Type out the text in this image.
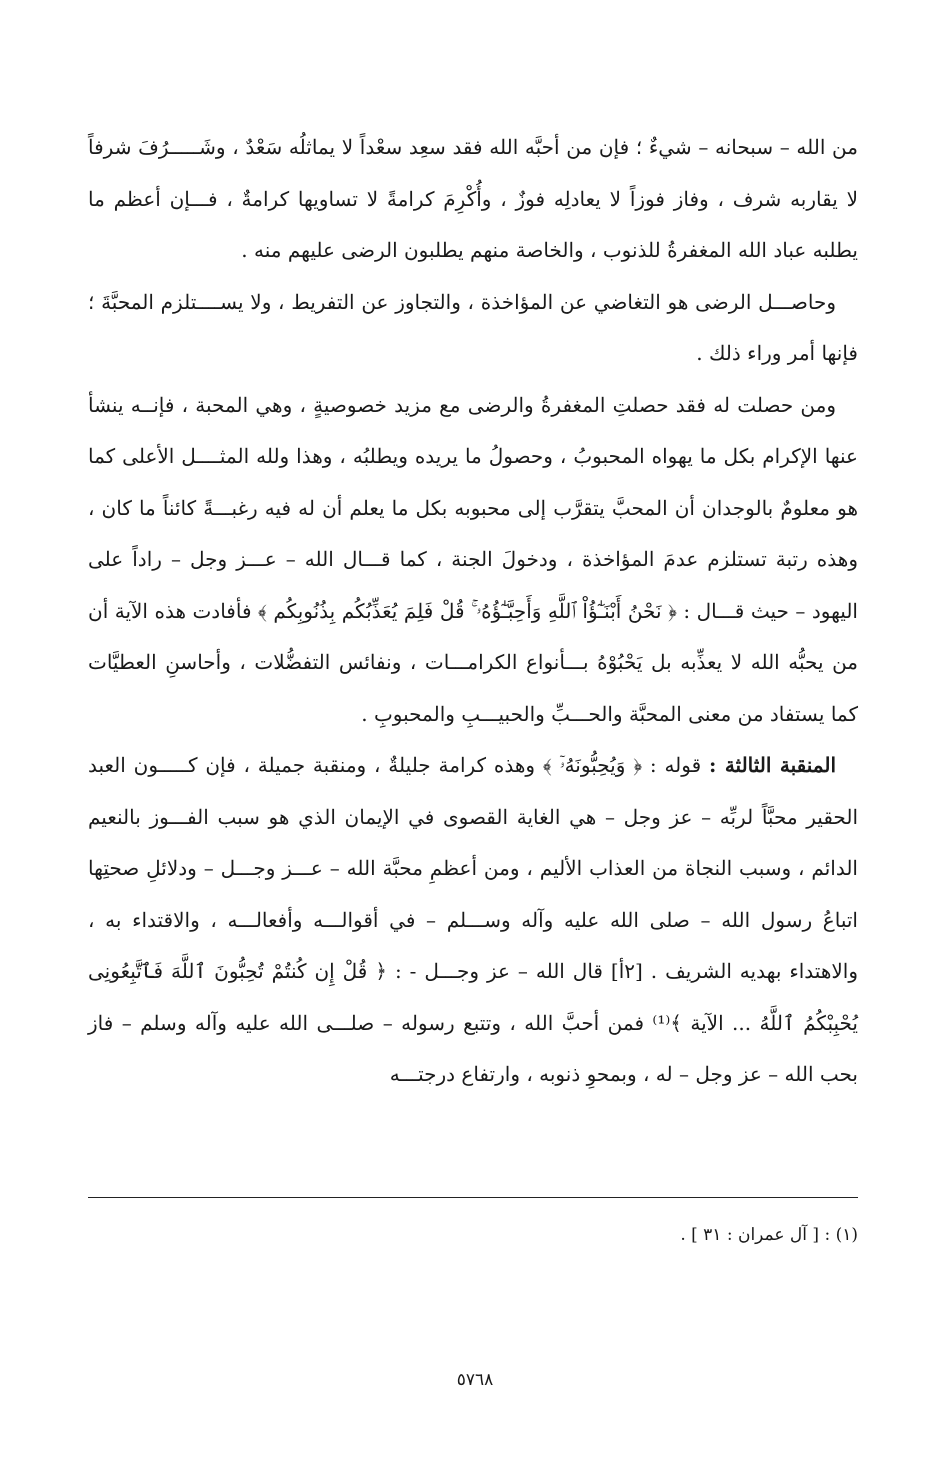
من الله – سبحانه – شيءٌ ؛ فإن من أحبَّه الله فقد سعِد سعْداً لا يماثلُه سَعْدٌ ، وشَـــــرُفَ شرفاً لا يقاربه شرف ، وفاز فوزاً لا يعادلِه فوزٌ ، وأُكْرِمَ كرامةً لا تساويها كرامةٌ ، فـــإن أعظم ما يطلبه عباد الله المغفرةُ للذنوب ، والخاصة منهم يطلبون الرضى عليهم منه .

وحاصـــل الرضى هو التغاضي عن المؤاخذة ، والتجاوز عن التفريط ، ولا يســــتلزم المحبَّةَ ؛ فإنها أمر وراء ذلك .

ومن حصلت له فقد حصلتِ المغفرةُ والرضى مع مزيد خصوصيةٍ ، وهي المحبة ، فإنــه ينشأ عنها الإكرام بكل ما يهواه المحبوبُ ، وحصولُ ما يريده ويطلبُه ، وهذا ولله المثــــل الأعلى كما هو معلومٌ بالوجدان أن المحبَّ يتقرَّب إلى محبوبه بكل ما يعلم أن له فيه رغبـــةً كائناً ما كان ، وهذه رتبة تستلزم عدمَ المؤاخذة ، ودخولَ الجنة ، كما قـــال الله – عـــز وجل – راداً على اليهود – حيث قـــال : ﴿ نَحْنُ أَبْنَـٰٓؤُاْ ٱللَّهِ وَأَحِبَّـٰٓؤُهُۥ ۚ قُلْ فَلِمَ يُعَذِّبُكُم بِذُنُوبِكُم ﴾ فأفادت هذه الآية أن من يحبُّه الله لا يعذِّبه بل يَحْبُوْهُ بـــأنواع الكرامـــات ، ونفائس التفضُّلات ، وأحاسنِ العطيَّات كما يستفاد من معنى المحبَّة والحـــبِّ والحبيـــبِ والمحبوبِ .

المنقبة الثالثة : قوله : ﴿ وَيُحِبُّونَهُۥٓ ﴾ وهذه كرامة جليلةٌ ، ومنقبة جميلة ، فإن كـــــون العبد الحقير محبَّاً لربِّه – عز وجل – هي الغاية القصوى في الإيمان الذي هو سبب الفـــوز بالنعيم الدائم ، وسبب النجاة من العذاب الأليم ، ومن أعظمِ محبَّة الله – عـــز وجـــل – ودلائلِ صحتِها اتباعُ رسول الله – صلى الله عليه وآله وســـلم – في أقوالـــه وأفعالـــه ، والاقتداء به ، والاهتداء بهديه الشريف . [٢أ] قال الله – عز وجـــل - : ﴿ قُلْ إِن كُنتُمْ تُحِبُّونَ ٱللَّهَ فَٱتَّبِعُونِى يُحْبِبْكُمُ ٱللَّهُ ... الآية ﴾⁽¹⁾ فمن أحبَّ الله ، وتتبع رسوله – صلـــى الله عليه وآله وسلم – فاز بحب الله – عز وجل – له ، وبمحوِ ذنوبه ، وارتفاع درجتـــه

(١) : [ آل عمران : ٣١ ] .
٥٧٦٨
